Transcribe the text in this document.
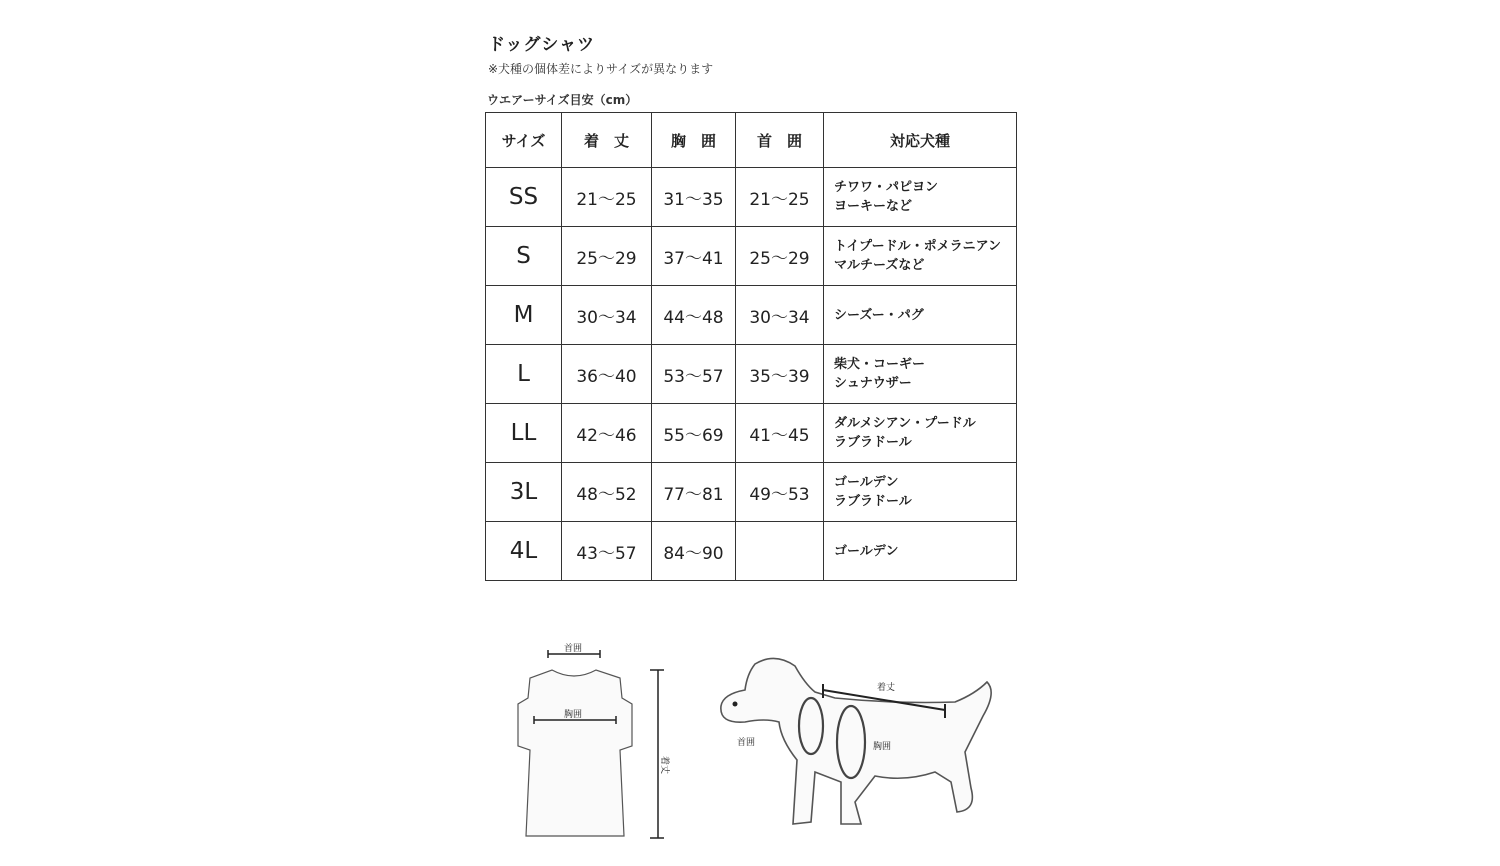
ドッグシャツ
※犬種の個体差によりサイズが異なります
ウエアーサイズ目安（cm）
サイズ	着　丈	胸　囲	首　囲	対応犬種
SS	21〜25	31〜35	21〜25	チワワ・パピヨン
ヨーキーなど

S	25〜29	37〜41	25〜29	トイプードル・ポメラニアン
マルチーズなど

M	30〜34	44〜48	30〜34	シーズー・パグ

L	36〜40	53〜57	35〜39	柴犬・コーギー
シュナウザー

LL	42〜46	55〜69	41〜45	ダルメシアン・プードル
ラブラドール

3L	48〜52	77〜81	49〜53	ゴールデン
ラブラドール

4L	43〜57	84〜90		ゴールデン
首囲
胸囲
着丈
着丈
首囲	胸囲
